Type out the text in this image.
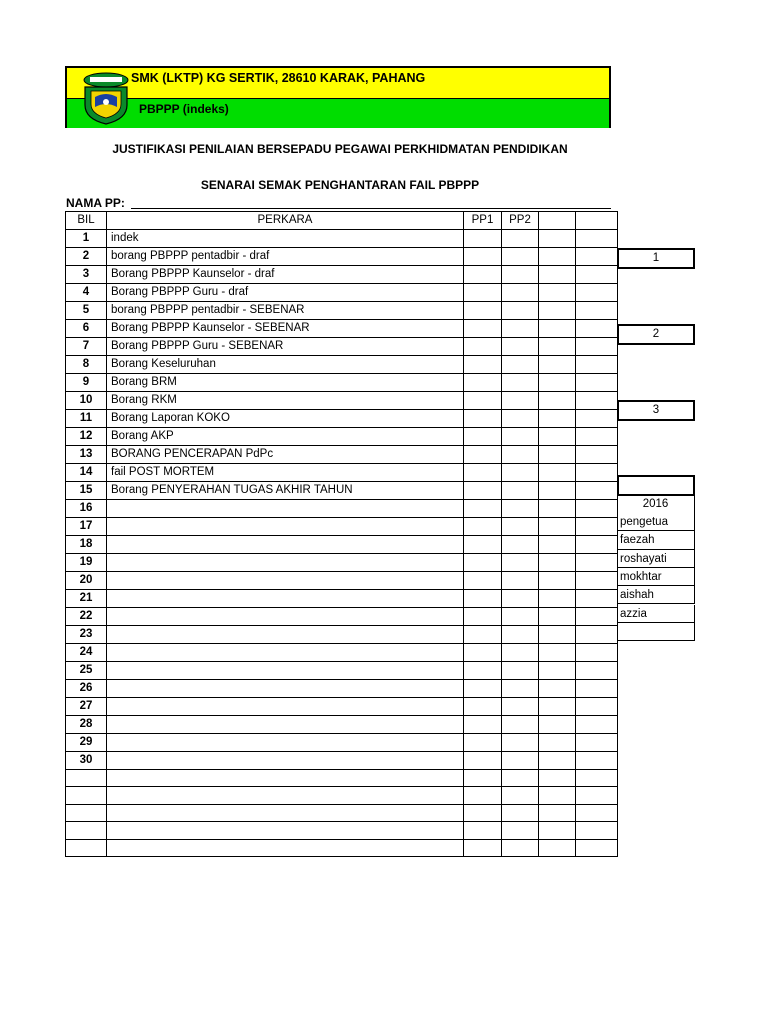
SMK (LKTP) KG SERTIK, 28610 KARAK, PAHANG
PBPPP (indeks)
JUSTIFIKASI PENILAIAN BERSEPADU PEGAWAI PERKHIDMATAN PENDIDIKAN
SENARAI SEMAK PENGHANTARAN FAIL PBPPP
NAMA PP:
BIL	PERKARA	PP1	PP2		
1	indek				
2	borang PBPPP pentadbir - draf				
3	Borang PBPPP Kaunselor - draf				
4	Borang PBPPP Guru - draf				
5	borang PBPPP pentadbir - SEBENAR				
6	Borang PBPPP Kaunselor - SEBENAR				
7	Borang PBPPP Guru - SEBENAR				
8	Borang Keseluruhan				
9	Borang BRM				
10	Borang RKM				
11	Borang Laporan KOKO				
12	Borang AKP				
13	BORANG PENCERAPAN PdPc				
14	fail POST MORTEM				
15	Borang PENYERAHAN TUGAS AKHIR TAHUN				
16					
17					
18					
19					
20					
21					
22					
23					
24					
25					
26					
27					
28					
29					
30					

1
2
3
2016
pengetua
faezah
roshayati
mokhtar
aishah
azzia
